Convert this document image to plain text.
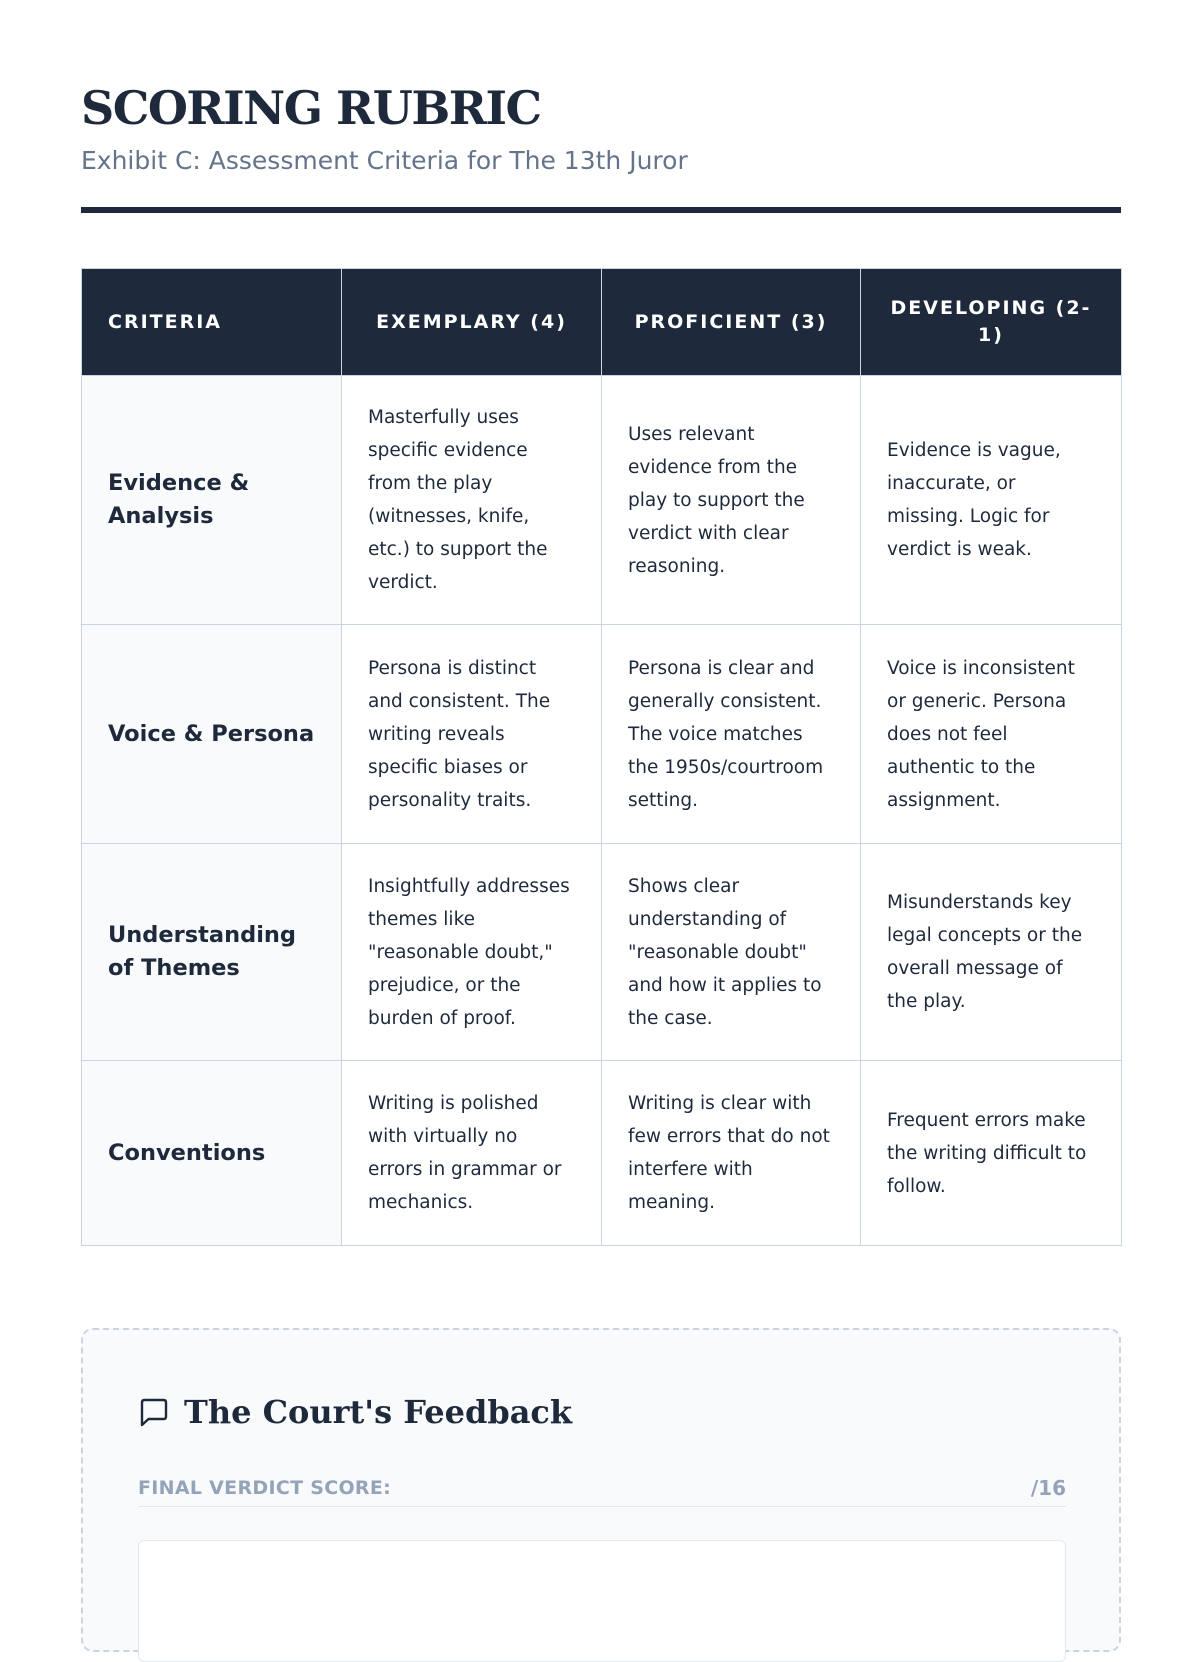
SCORING RUBRIC

Exhibit C: Assessment Criteria for The 13th Juror

CRITERIA	EXEMPLARY (4)	PROFICIENT (3)	DEVELOPING (2-1)
Evidence & Analysis	Masterfully uses specific evidence from the play (witnesses, knife, etc.) to support the verdict.	Uses relevant evidence from the play to support the verdict with clear reasoning.	Evidence is vague, inaccurate, or missing. Logic for verdict is weak.
Voice & Persona	Persona is distinct and consistent. The writing reveals specific biases or personality traits.	Persona is clear and generally consistent. The voice matches the 1950s/courtroom setting.	Voice is inconsistent or generic. Persona does not feel authentic to the assignment.
Understanding of Themes	Insightfully addresses themes like "reasonable doubt," prejudice, or the burden of proof.	Shows clear understanding of "reasonable doubt" and how it applies to the case.	Misunderstands key legal concepts or the overall message of the play.
Conventions	Writing is polished with virtually no errors in grammar or mechanics.	Writing is clear with few errors that do not interfere with meaning.	Frequent errors make the writing difficult to follow.
The Court's Feedback
FINAL VERDICT SCORE:	/16
